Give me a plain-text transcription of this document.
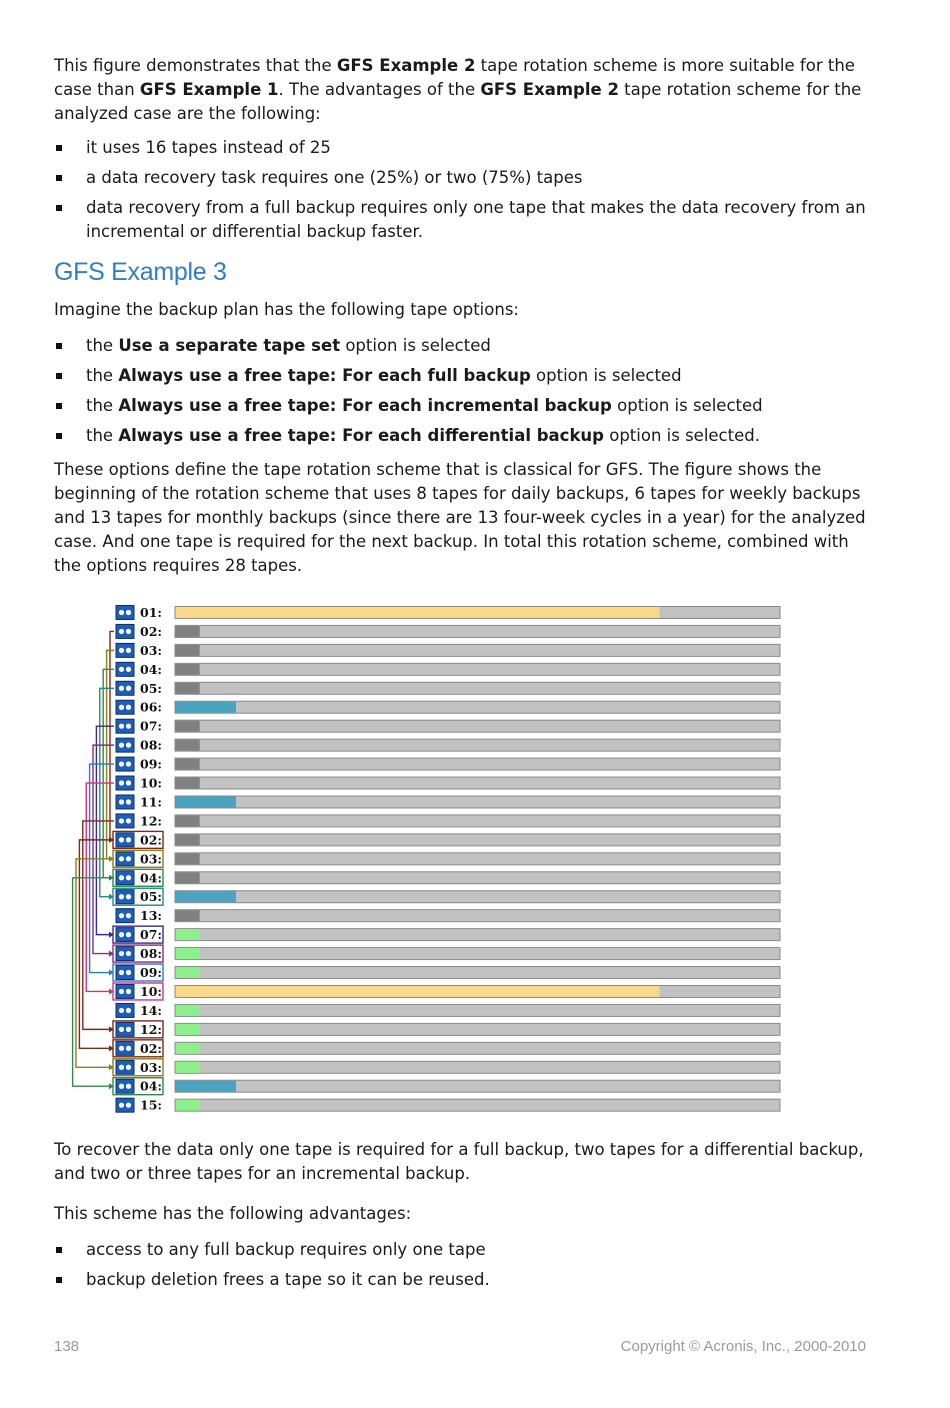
This figure demonstrates that the GFS Example 2 tape rotation scheme is more suitable for the case than GFS Example 1. The advantages of the GFS Example 2 tape rotation scheme for the analyzed case are the following:

it uses 16 tapes instead of 25
a data recovery task requires one (25%) or two (75%) tapes
data recovery from a full backup requires only one tape that makes the data recovery from an incremental or differential backup faster.
GFS Example 3

Imagine the backup plan has the following tape options:

the Use a separate tape set option is selected
the Always use a free tape: For each full backup option is selected
the Always use a free tape: For each incremental backup option is selected
the Always use a free tape: For each differential backup option is selected.

These options define the tape rotation scheme that is classical for GFS. The figure shows the beginning of the rotation scheme that uses 8 tapes for daily backups, 6 tapes for weekly backups and 13 tapes for monthly backups (since there are 13 four-week cycles in a year) for the analyzed case. And one tape is required for the next backup. In total this rotation scheme, combined with the options requires 28 tapes.

01:
02:
03:
04:
05:
06:
07:
08:
09:
10:
11:
12:
02:
03:
04:
05:
13:
07:
08:
09:
10:
14:
12:
02:
03:
04:
15:

To recover the data only one tape is required for a full backup, two tapes for a differential backup, and two or three tapes for an incremental backup.

This scheme has the following advantages:

access to any full backup requires only one tape
backup deletion frees a tape so it can be reused.
138	Copyright © Acronis, Inc., 2000-2010
